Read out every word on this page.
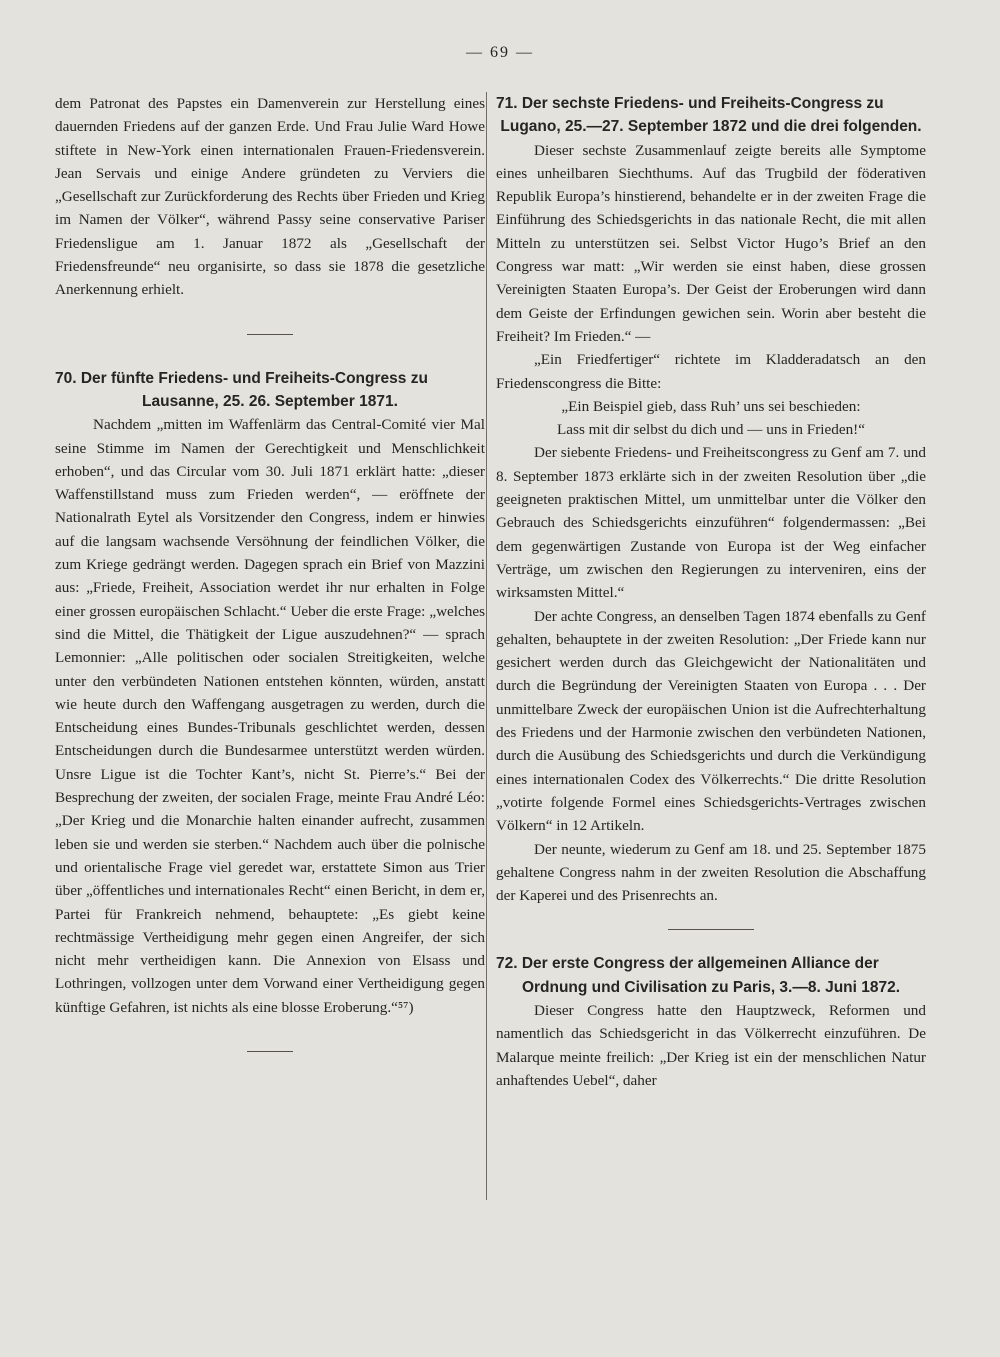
— 69 —

dem Patronat des Papstes ein Damenverein zur Herstellung eines dauernden Friedens auf der ganzen Erde. Und Frau Julie Ward Howe stiftete in New-York einen internationalen Frauen-Friedensverein. Jean Servais und einige Andere gründeten zu Verviers die „Gesellschaft zur Zurückforderung des Rechts über Frieden und Krieg im Namen der Völker“, während Passy seine conservative Pariser Friedensligue am 1. Januar 1872 als „Gesellschaft der Friedensfreunde“ neu organisirte, so dass sie 1878 die gesetzliche Anerkennung erhielt.

70. Der fünfte Friedens- und Freiheits-Congress zu
Lausanne, 25. 26. September 1871.

Nachdem „mitten im Waffenlärm das Central-Comité vier Mal seine Stimme im Namen der Gerechtigkeit und Menschlichkeit erhoben“, und das Circular vom 30. Juli 1871 erklärt hatte: „dieser Waffenstillstand muss zum Frieden werden“, — eröffnete der Nationalrath Eytel als Vorsitzender den Congress, indem er hinwies auf die langsam wachsende Versöhnung der feindlichen Völker, die zum Kriege gedrängt werden. Dagegen sprach ein Brief von Mazzini aus: „Friede, Freiheit, Association werdet ihr nur erhalten in Folge einer grossen europäischen Schlacht.“ Ueber die erste Frage: „welches sind die Mittel, die Thätigkeit der Ligue auszudehnen?“ — sprach Lemonnier: „Alle politischen oder socialen Streitigkeiten, welche unter den verbündeten Nationen entstehen könnten, würden, anstatt wie heute durch den Waffengang ausgetragen zu werden, durch die Entscheidung eines Bundes-Tribunals geschlichtet werden, dessen Entscheidungen durch die Bundesarmee unterstützt werden würden. Unsre Ligue ist die Tochter Kant’s, nicht St. Pierre’s.“ Bei der Besprechung der zweiten, der socialen Frage, meinte Frau André Léo: „Der Krieg und die Monarchie halten einander aufrecht, zusammen leben sie und werden sie sterben.“ Nachdem auch über die polnische und orientalische Frage viel geredet war, erstattete Simon aus Trier über „öffentliches und internationales Recht“ einen Bericht, in dem er, Partei für Frankreich nehmend, behauptete: „Es giebt keine rechtmässige Vertheidigung mehr gegen einen Angreifer, der sich nicht mehr vertheidigen kann. Die Annexion von Elsass und Lothringen, vollzogen unter dem Vorwand einer Vertheidigung gegen künftige Gefahren, ist nichts als eine blosse Eroberung.“⁵⁷)

71. Der sechste Friedens- und Freiheits-Congress zu
Lugano, 25.—27. September 1872 und die drei folgenden.

Dieser sechste Zusammenlauf zeigte bereits alle Symptome eines unheilbaren Siechthums. Auf das Trugbild der föderativen Republik Europa’s hinstierend, behandelte er in der zweiten Frage die Einführung des Schiedsgerichts in das nationale Recht, die mit allen Mitteln zu unterstützen sei. Selbst Victor Hugo’s Brief an den Congress war matt: „Wir werden sie einst haben, diese grossen Vereinigten Staaten Europa’s. Der Geist der Eroberungen wird dann dem Geiste der Erfindungen gewichen sein. Worin aber besteht die Freiheit? Im Frieden.“ —

„Ein Friedfertiger“ richtete im Kladderadatsch an den Friedenscongress die Bitte:

„Ein Beispiel gieb, dass Ruh’ uns sei beschieden:

Lass mit dir selbst du dich und — uns in Frieden!“

Der siebente Friedens- und Freiheitscongress zu Genf am 7. und 8. September 1873 erklärte sich in der zweiten Resolution über „die geeigneten praktischen Mittel, um unmittelbar unter die Völker den Gebrauch des Schiedsgerichts einzuführen“ folgendermassen: „Bei dem gegenwärtigen Zustande von Europa ist der Weg einfacher Verträge, um zwischen den Regierungen zu interveniren, eins der wirksamsten Mittel.“

Der achte Congress, an denselben Tagen 1874 ebenfalls zu Genf gehalten, behauptete in der zweiten Resolution: „Der Friede kann nur gesichert werden durch das Gleichgewicht der Nationalitäten und durch die Begründung der Vereinigten Staaten von Europa . . . Der unmittelbare Zweck der europäischen Union ist die Aufrechterhaltung des Friedens und der Harmonie zwischen den verbündeten Nationen, durch die Ausübung des Schiedsgerichts und durch die Verkündigung eines internationalen Codex des Völkerrechts.“ Die dritte Resolution „votirte folgende Formel eines Schiedsgerichts-Vertrages zwischen Völkern“ in 12 Artikeln.

Der neunte, wiederum zu Genf am 18. und 25. September 1875 gehaltene Congress nahm in der zweiten Resolution die Abschaffung der Kaperei und des Prisenrechts an.

72. Der erste Congress der allgemeinen Alliance der
Ordnung und Civilisation zu Paris, 3.—8. Juni 1872.

Dieser Congress hatte den Hauptzweck, Reformen und namentlich das Schiedsgericht in das Völkerrecht einzuführen. De Malarque meinte freilich: „Der Krieg ist ein der menschlichen Natur anhaftendes Uebel“, daher
